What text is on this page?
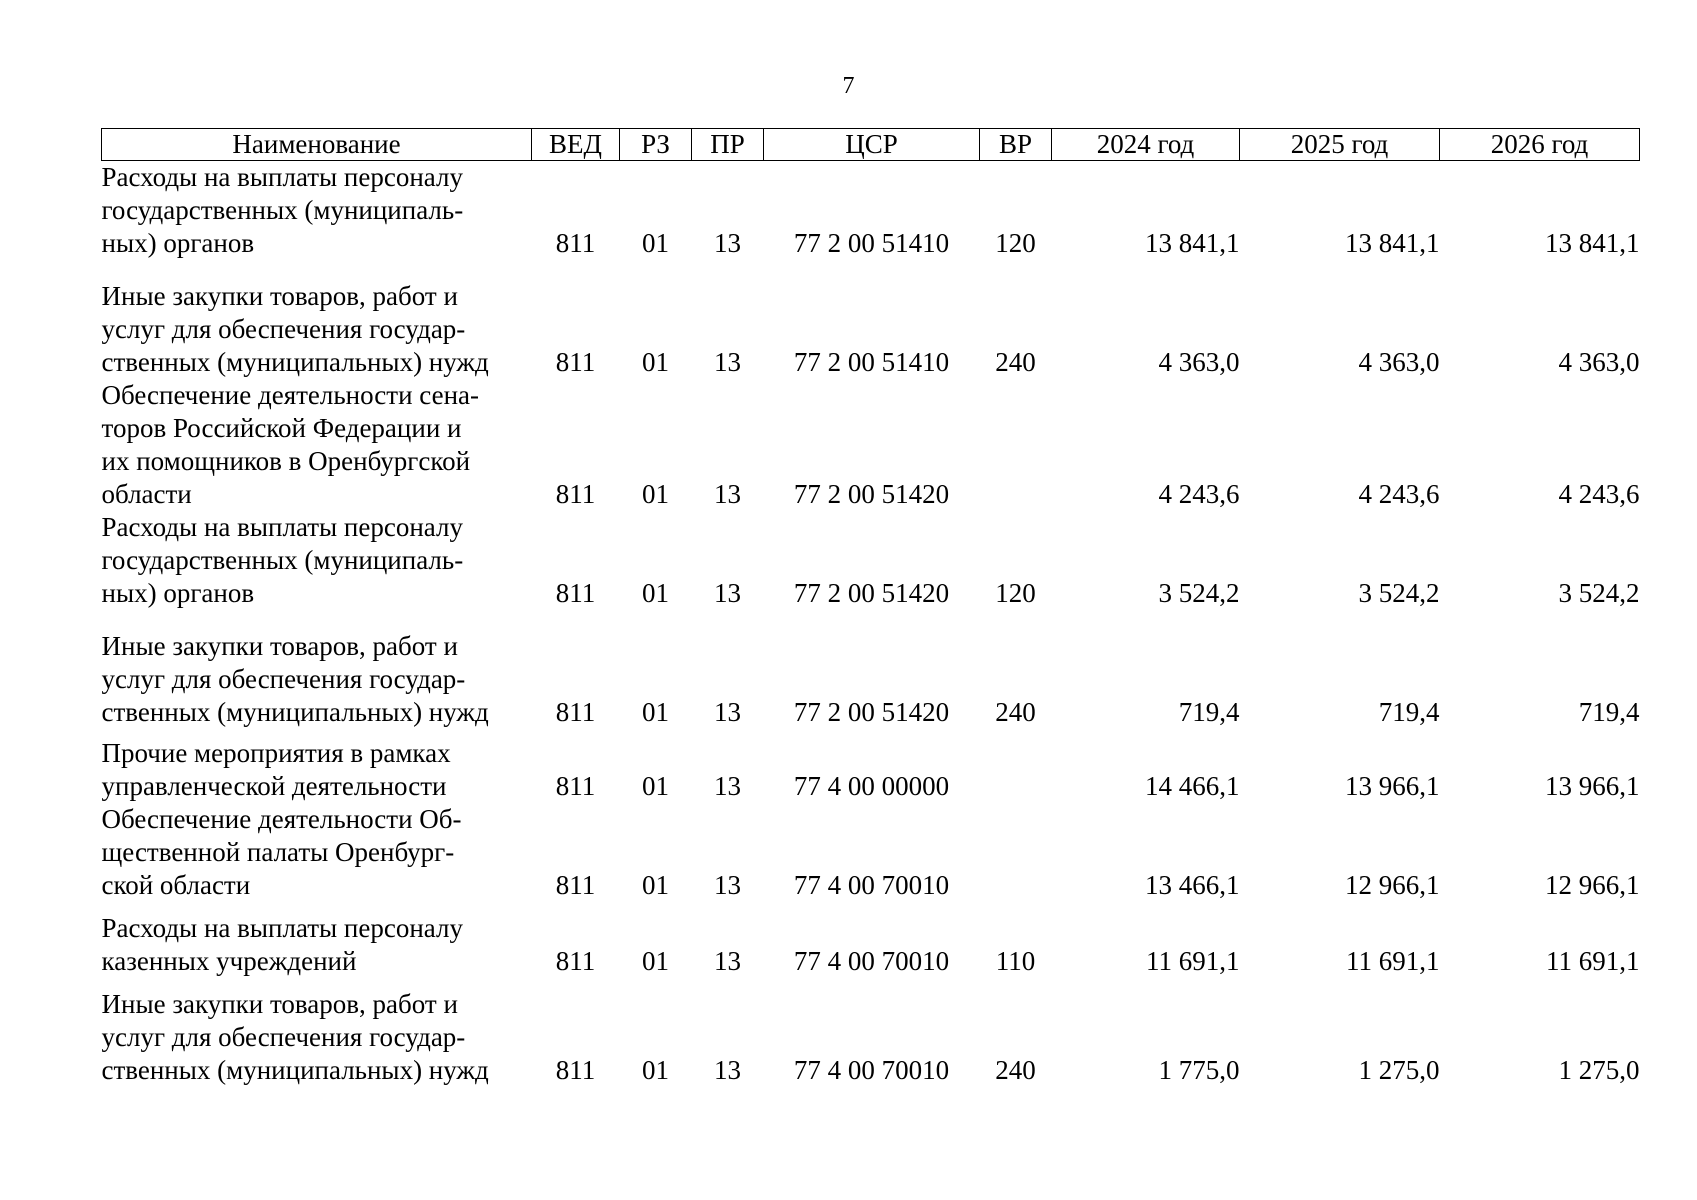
7
Наименование	ВЕД	РЗ	ПР	ЦСР	ВР	2024 год	2025 год	2026 год

Расходы на выплаты персоналу
государственных (муниципаль-
ных) органов	811	01	13	77 2 00 51410	120	13 841,1	13 841,1	13 841,1

Иные закупки товаров, работ и
услуг для обеспечения государ-
ственных (муниципальных) нужд	811	01	13	77 2 00 51410	240	4 363,0	4 363,0	4 363,0

Обеспечение деятельности сена-
торов Российской Федерации и
их помощников в Оренбургской
области	811	01	13	77 2 00 51420		4 243,6	4 243,6	4 243,6

Расходы на выплаты персоналу
государственных (муниципаль-
ных) органов	811	01	13	77 2 00 51420	120	3 524,2	3 524,2	3 524,2

Иные закупки товаров, работ и
услуг для обеспечения государ-
ственных (муниципальных) нужд	811	01	13	77 2 00 51420	240	719,4	719,4	719,4

Прочие мероприятия в рамках
управленческой деятельности	811	01	13	77 4 00 00000		14 466,1	13 966,1	13 966,1

Обеспечение деятельности Об-
щественной палаты Оренбург-
ской области	811	01	13	77 4 00 70010		13 466,1	12 966,1	12 966,1

Расходы на выплаты персоналу
казенных учреждений	811	01	13	77 4 00 70010	110	11 691,1	11 691,1	11 691,1

Иные закупки товаров, работ и
услуг для обеспечения государ-
ственных (муниципальных) нужд	811	01	13	77 4 00 70010	240	1 775,0	1 275,0	1 275,0
